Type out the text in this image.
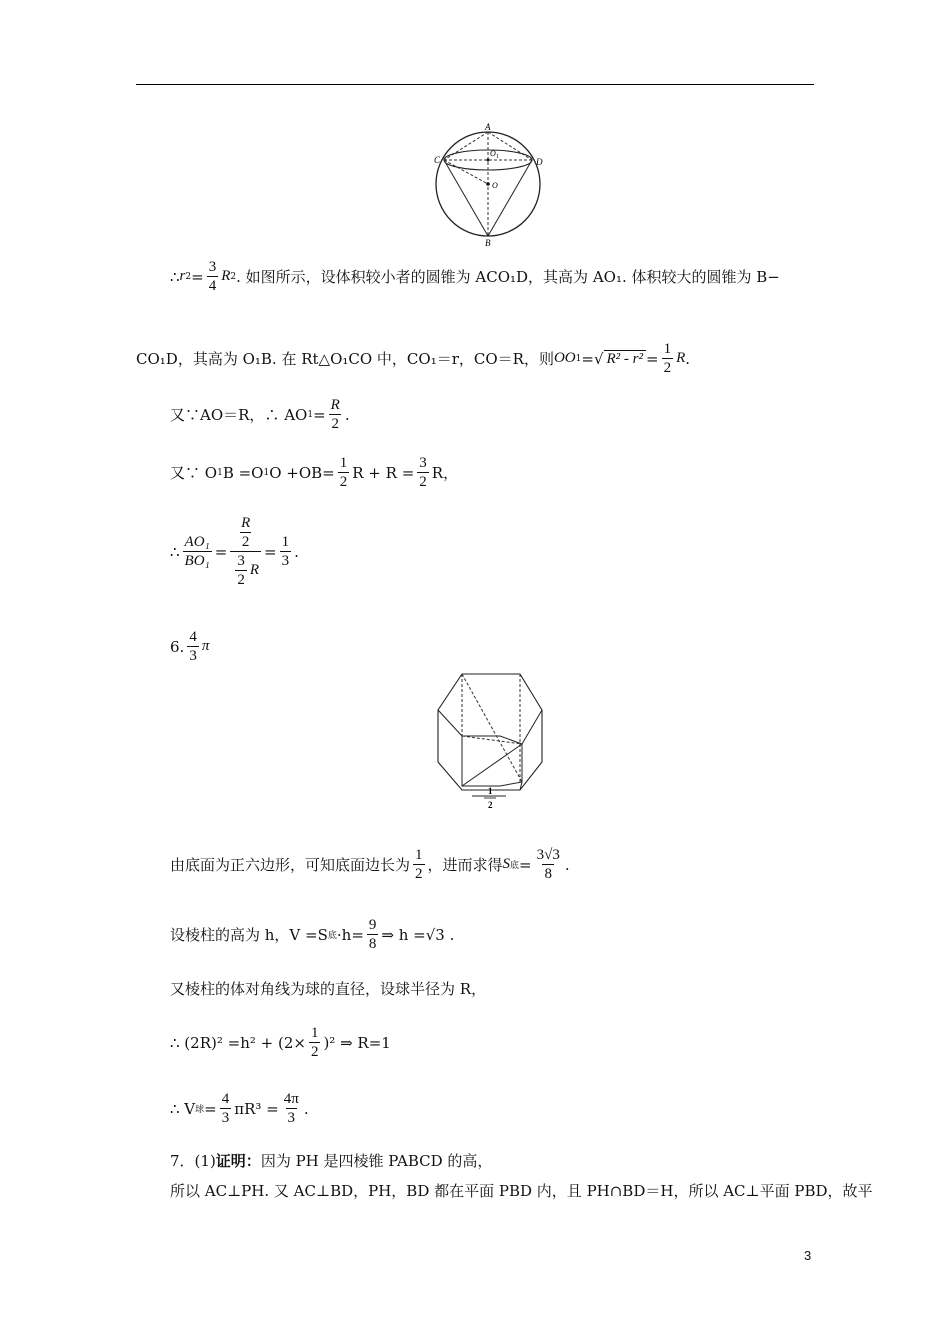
A
C	D
O 1
O
B
∴ r $2 = \frac{3}{4}$ R 2 . 如图所示，设体积较小者的圆锥为 ACO₁D，其高为 AO₁. 体积较大的圆锥为 B−
CO₁D，其高为 O₁B. 在 Rt△O₁CO 中，CO₁＝r，CO＝R，则 OO 1 = √ $R^2 - r^2 = \frac{1}{2}$ R .
又∵AO＝R，∴ AO $1 = \frac{R}{2}$ .
又∵ O 1 B =O 1 $O +OB= \frac{1}{2}$ $R + R = \frac{3}{2}$ R，
∴ $\frac{\text{AO₁}}{\text{BO₁}} = \frac{\frac{R}{2}}{\frac{3}{2} R} = \frac{1}{3}$ .
6. $\frac{4}{3}$ π
1
2
由底面为正六边形，可知底面边长为 $\frac{1}{2}$ ，进而求得 S 底 = $\frac{3√3}{8}$ .
设棱柱的高为 h，V =S 底 $\cdot h= \frac{9}{8}$ ⇒ h =√3 .
又棱柱的体对角线为球的直径，设球半径为 R，
∴ $(2R)^2 =h^2 + (2\times \frac{1}{2} )^2$ ⇒ R=1
∴ V 球 = $\frac{4}{3} \pi R^3 = \frac{4\pi}{3}$ .
7．(1) 证明： 因为 PH 是四棱锥 PABCD 的高，
所以 AC⊥PH. 又 AC⊥BD，PH，BD 都在平面 PBD 内，且 PH∩BD＝H，所以 AC⊥平面 PBD，故平
3
